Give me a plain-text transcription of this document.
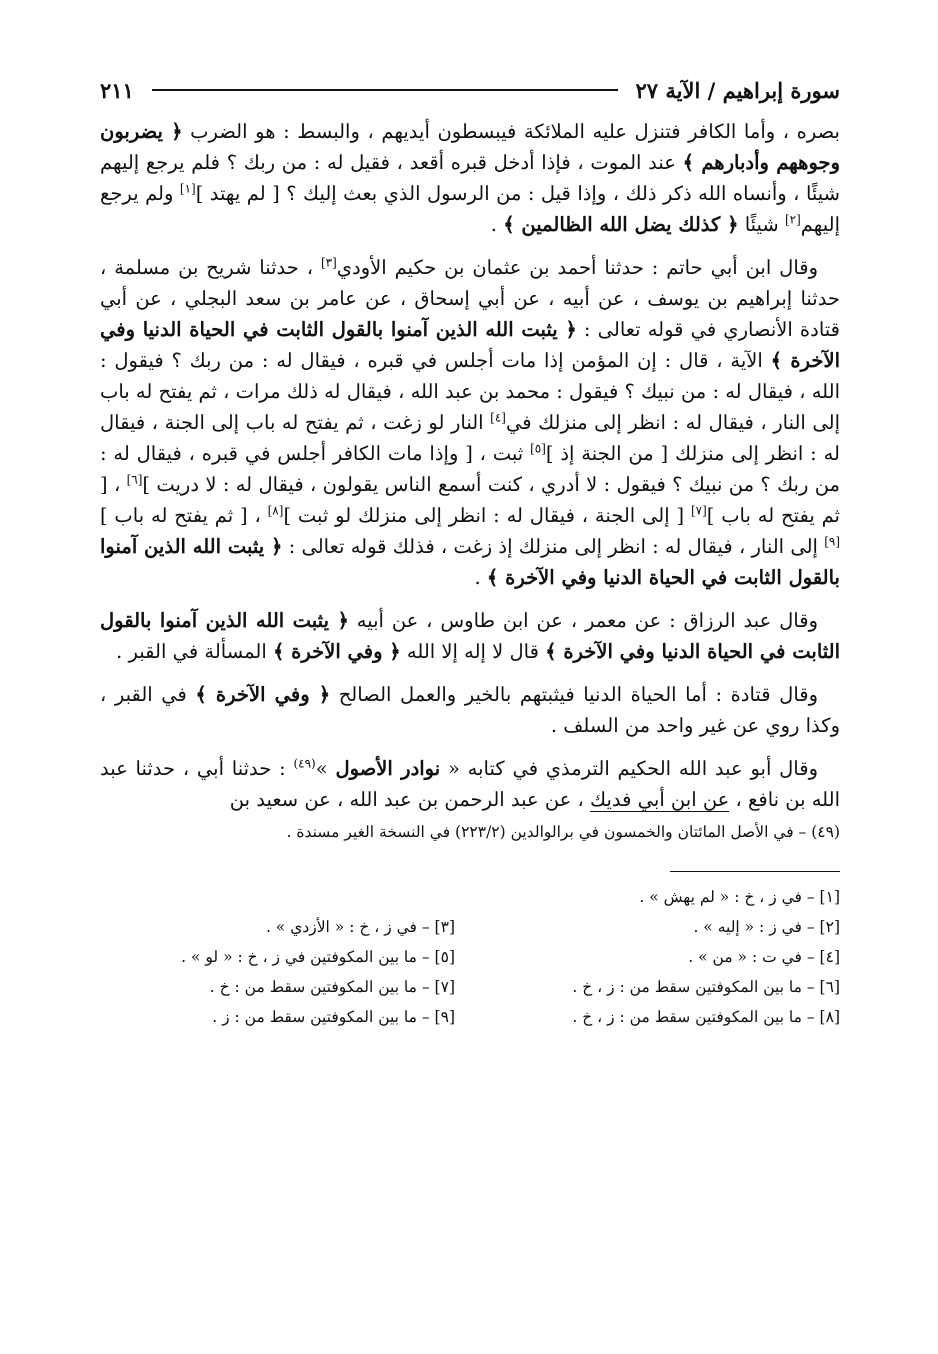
سورة إبراهيم / الآية ٢٧
٢١١

بصره ، وأما الكافر فتنزل عليه الملائكة فيبسطون أيديهم ، والبسط : هو الضرب ﴿ يضربون وجوههم وأدبارهم ﴾ عند الموت ، فإذا أدخل قبره أقعد ، فقيل له : من ربك ؟ فلم يرجع إليهم شيئًا ، وأنساه الله ذكر ذلك ، وإذا قيل : من الرسول الذي بعث إليك ؟ [ لم يهتد ][١] ولم يرجع إليهم[٢] شيئًا ﴿ كذلك يضل الله الظالمين ﴾ .

وقال ابن أبي حاتم : حدثنا أحمد بن عثمان بن حكيم الأودي[٣] ، حدثنا شريح بن مسلمة ، حدثنا إبراهيم بن يوسف ، عن أبيه ، عن أبي إسحاق ، عن عامر بن سعد البجلي ، عن أبي قتادة الأنصاري في قوله تعالى : ﴿ يثبت الله الذين آمنوا بالقول الثابت في الحياة الدنيا وفي الآخرة ﴾ الآية ، قال : إن المؤمن إذا مات أجلس في قبره ، فيقال له : من ربك ؟ فيقول : الله ، فيقال له : من نبيك ؟ فيقول : محمد بن عبد الله ، فيقال له ذلك مرات ، ثم يفتح له باب إلى النار ، فيقال له : انظر إلى منزلك في[٤] النار لو زغت ، ثم يفتح له باب إلى الجنة ، فيقال له : انظر إلى منزلك [ من الجنة إذ ][٥] ثبت ، [ وإذا مات الكافر أجلس في قبره ، فيقال له : من ربك ؟ من نبيك ؟ فيقول : لا أدري ، كنت أسمع الناس يقولون ، فيقال له : لا دريت ][٦] ، [ ثم يفتح له باب ][٧] [ إلى الجنة ، فيقال له : انظر إلى منزلك لو ثبت ][٨] ، [ ثم يفتح له باب ][٩] إلى النار ، فيقال له : انظر إلى منزلك إذ زغت ، فذلك قوله تعالى : ﴿ يثبت الله الذين آمنوا بالقول الثابت في الحياة الدنيا وفي الآخرة ﴾ .

وقال عبد الرزاق : عن معمر ، عن ابن طاوس ، عن أبيه ﴿ يثبت الله الذين آمنوا بالقول الثابت في الحياة الدنيا وفي الآخرة ﴾ قال لا إله إلا الله ﴿ وفي الآخرة ﴾ المسألة في القبر .

وقال قتادة : أما الحياة الدنيا فيثبتهم بالخير والعمل الصالح ﴿ وفي الآخرة ﴾ في القبر ، وكذا روي عن غير واحد من السلف .

وقال أبو عبد الله الحكيم الترمذي في كتابه « نوادر الأصول »$^{(٤٩)}$ : حدثنا أبي ، حدثنا عبد الله بن نافع ، عن ابن أبي فديك ، عن عبد الرحمن بن عبد الله ، عن سعيد بن

(٤٩) – في الأصل المائتان والخمسون في برالوالدين (٢٢٣/٢) في النسخة الغير مسندة .

[١] – في ز ، خ : « لم يهش » .
[٢] – في ز : « إليه » .
[٣] – في ز ، خ : « الأزدي » .
[٤] – في ت : « من » .
[٥] – ما بين المكوفتين في ز ، خ : « لو » .
[٦] – ما بين المكوفتين سقط من : ز ، خ .
[٧] – ما بين المكوفتين سقط من : خ .
[٨] – ما بين المكوفتين سقط من : ز ، خ .
[٩] – ما بين المكوفتين سقط من : ز .
